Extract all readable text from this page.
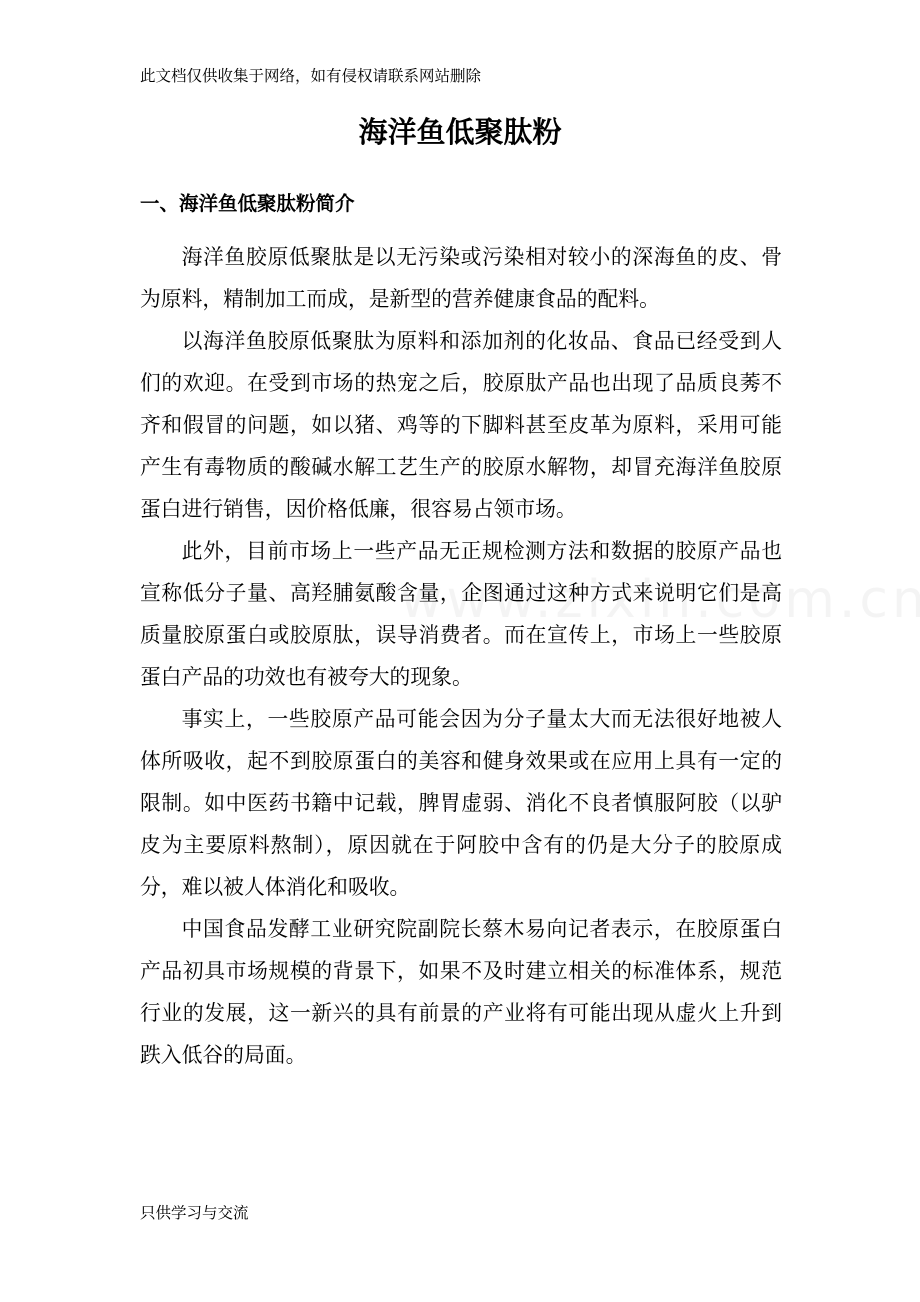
此文档仅供收集于网络，如有侵权请联系网站删除
海洋鱼低聚肽粉
一、海洋鱼低聚肽粉简介

海洋鱼胶原低聚肽是以无污染或污染相对较小的深海鱼的皮、骨为原料，精制加工而成，是新型的营养健康食品的配料。

以海洋鱼胶原低聚肽为原料和添加剂的化妆品、食品已经受到人们的欢迎。在受到市场的热宠之后，胶原肽产品也出现了品质良莠不齐和假冒的问题，如以猪、鸡等的下脚料甚至皮革为原料，采用可能产生有毒物质的酸碱水解工艺生产的胶原水解物，却冒充海洋鱼胶原蛋白进行销售，因价格低廉，很容易占领市场。

此外，目前市场上一些产品无正规检测方法和数据的胶原产品也宣称低分子量、高羟脯氨酸含量，企图通过这种方式来说明它们是高质量胶原蛋白或胶原肽，误导消费者。而在宣传上，市场上一些胶原蛋白产品的功效也有被夸大的现象。

事实上，一些胶原产品可能会因为分子量太大而无法很好地被人体所吸收，起不到胶原蛋白的美容和健身效果或在应用上具有一定的限制。如中医药书籍中记载，脾胃虚弱、消化不良者慎服阿胶（以驴皮为主要原料熬制），原因就在于阿胶中含有的仍是大分子的胶原成分，难以被人体消化和吸收。

中国食品发酵工业研究院副院长蔡木易向记者表示，在胶原蛋白产品初具市场规模的背景下，如果不及时建立相关的标准体系，规范行业的发展，这一新兴的具有前景的产业将有可能出现从虚火上升到跌入低谷的局面。

只供学习与交流
